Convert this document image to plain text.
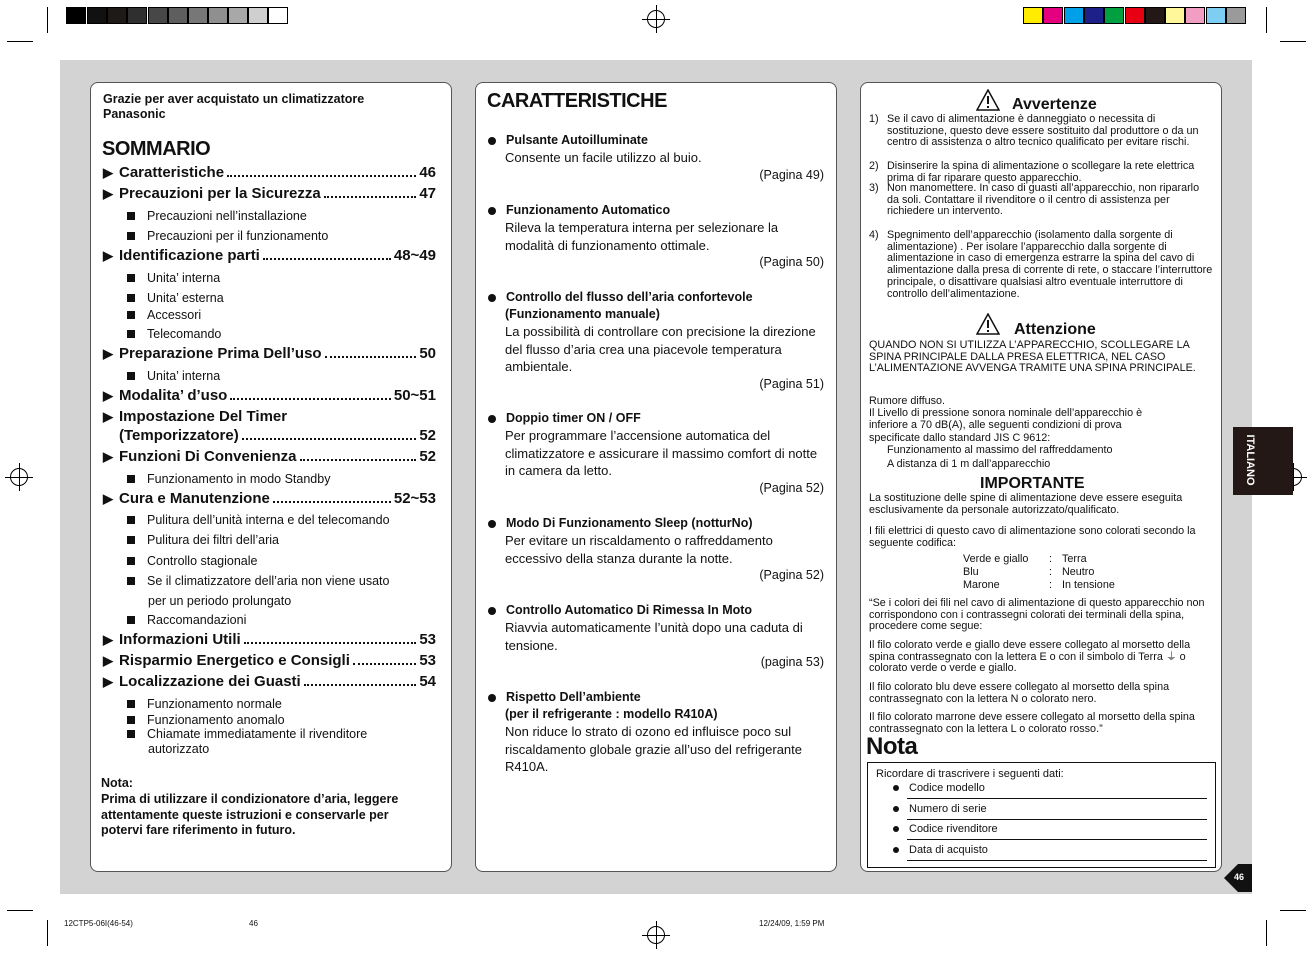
ITALIANO
46
Grazie per aver acquistato un climatizzatore Panasonic
SOMMARIO
▶ Caratteristiche	46
▶ Precauzioni per la Sicurezza	47
▶ Identificazione parti	48~49
▶ Preparazione Prima Dell’uso	50
▶ Modalita’ d’uso	50~51
▶ Impostazione Del Timer
(Temporizzatore)	52
▶ Funzioni Di Convenienza	52
▶ Cura e Manutenzione	52~53
▶ Informazioni Utili	53
▶ Risparmio Energetico e Consigli	53
▶ Localizzazione dei Guasti	54
Precauzioni nell’installazione
Precauzioni per il funzionamento
Unita’ interna
Unita’ esterna
Accessori
Telecomando
Unita’ interna
Funzionamento in modo Standby
Pulitura dell’unità interna e del telecomando
Pulitura dei filtri dell’aria
Controllo stagionale
Se il climatizzatore dell’aria non viene usato
per un periodo prolungato
Raccomandazioni
Funzionamento normale
Funzionamento anomalo
Chiamate immediatamente il rivenditore
autorizzato
Nota:
Prima di utilizzare il condizionatore d’aria, leggere attentamente queste istruzioni e conservarle per potervi fare riferimento in futuro.
CARATTERISTICHE
Pulsante Autoilluminate
Consente un facile utilizzo al buio.
(Pagina 49)
Funzionamento Automatico
Rileva la temperatura interna per selezionare la modalità di funzionamento ottimale.
(Pagina 50)
Controllo del flusso dell’aria confortevole
(Funzionamento manuale)
La possibilità di controllare con precisione la direzione del flusso d’aria crea una piacevole temperatura ambientale.
(Pagina 51)
Doppio timer ON / OFF
Per programmare l’accensione automatica del climatizzatore e assicurare il massimo comfort di notte in camera da letto.
(Pagina 52)
Modo Di Funzionamento Sleep (notturNo)
Per evitare un riscaldamento o raffreddamento eccessivo della stanza durante la notte.
(Pagina 52)
Controllo Automatico Di Rimessa In Moto
Riavvia automaticamente l’unità dopo una caduta di tensione.
(pagina 53)
Rispetto Dell’ambiente
(per il refrigerante : modello R410A)
Non riduce lo strato di ozono ed influisce poco sul riscaldamento globale grazie all’uso del refrigerante R410A.
Avvertenze
1) Se il cavo di alimentazione è danneggiato o necessita di sostituzione, questo deve essere sostituito dal produttore o da un centro di assistenza o altro tecnico qualificato per evitare rischi.
2) Disinserire la spina di alimentazione o scollegare la rete elettrica prima di far riparare questo apparecchio.
3) Non manomettere. In caso di guasti all’apparecchio, non ripararlo da soli. Contattare il rivenditore o il centro di assistenza per richiedere un intervento.
4) Spegnimento dell’apparecchio (isolamento dalla sorgente di alimentazione) . Per isolare l’apparecchio dalla sorgente di alimentazione in caso di emergenza estrarre la spina del cavo di alimentazione dalla presa di corrente di rete, o staccare l’interruttore principale, o disattivare qualsiasi altro eventuale interruttore di controllo dell’alimentazione.
Attenzione
QUANDO NON SI UTILIZZA L’APPARECCHIO, SCOLLEGARE LA SPINA PRINCIPALE DALLA PRESA ELETTRICA, NEL CASO L’ALIMENTAZIONE AVVENGA TRAMITE UNA SPINA PRINCIPALE.
Rumore diffuso.
Il Livello di pressione sonora nominale dell’apparecchio è
inferiore a 70 dB(A), alle seguenti condizioni di prova
specificate dallo standard JIS C 9612:
Funzionamento al massimo del raffreddamento
A distanza di 1 m dall’apparecchio
IMPORTANTE
La sostituzione delle spine di alimentazione deve essere eseguita esclusivamente da personale autorizzato/qualificato.
I fili elettrici di questo cavo di alimentazione sono colorati secondo la seguente codifica:
Verde e giallo : Terra
Blu	: Neutro
Marone	: In tensione
“Se i colori dei fili nel cavo di alimentazione di questo apparecchio non corrispondono con i contrassegni colorati dei terminali della spina, procedere come segue:
Il filo colorato verde e giallo deve essere collegato al morsetto della spina contrassegnato con la lettera E o con il simbolo di Terra ⏚ o colorato verde o verde e giallo.
Il filo colorato blu deve essere collegato al morsetto della spina contrassegnato con la lettera N o colorato nero.
Il filo colorato marrone deve essere collegato al morsetto della spina contrassegnato con la lettera L o colorato rosso.”
Nota
Ricordare di trascrivere i seguenti dati:
Codice modello
Numero di serie
Codice rivenditore
Data di acquisto
12CTP5-06I(46-54)	46	12/24/09, 1:59 PM
